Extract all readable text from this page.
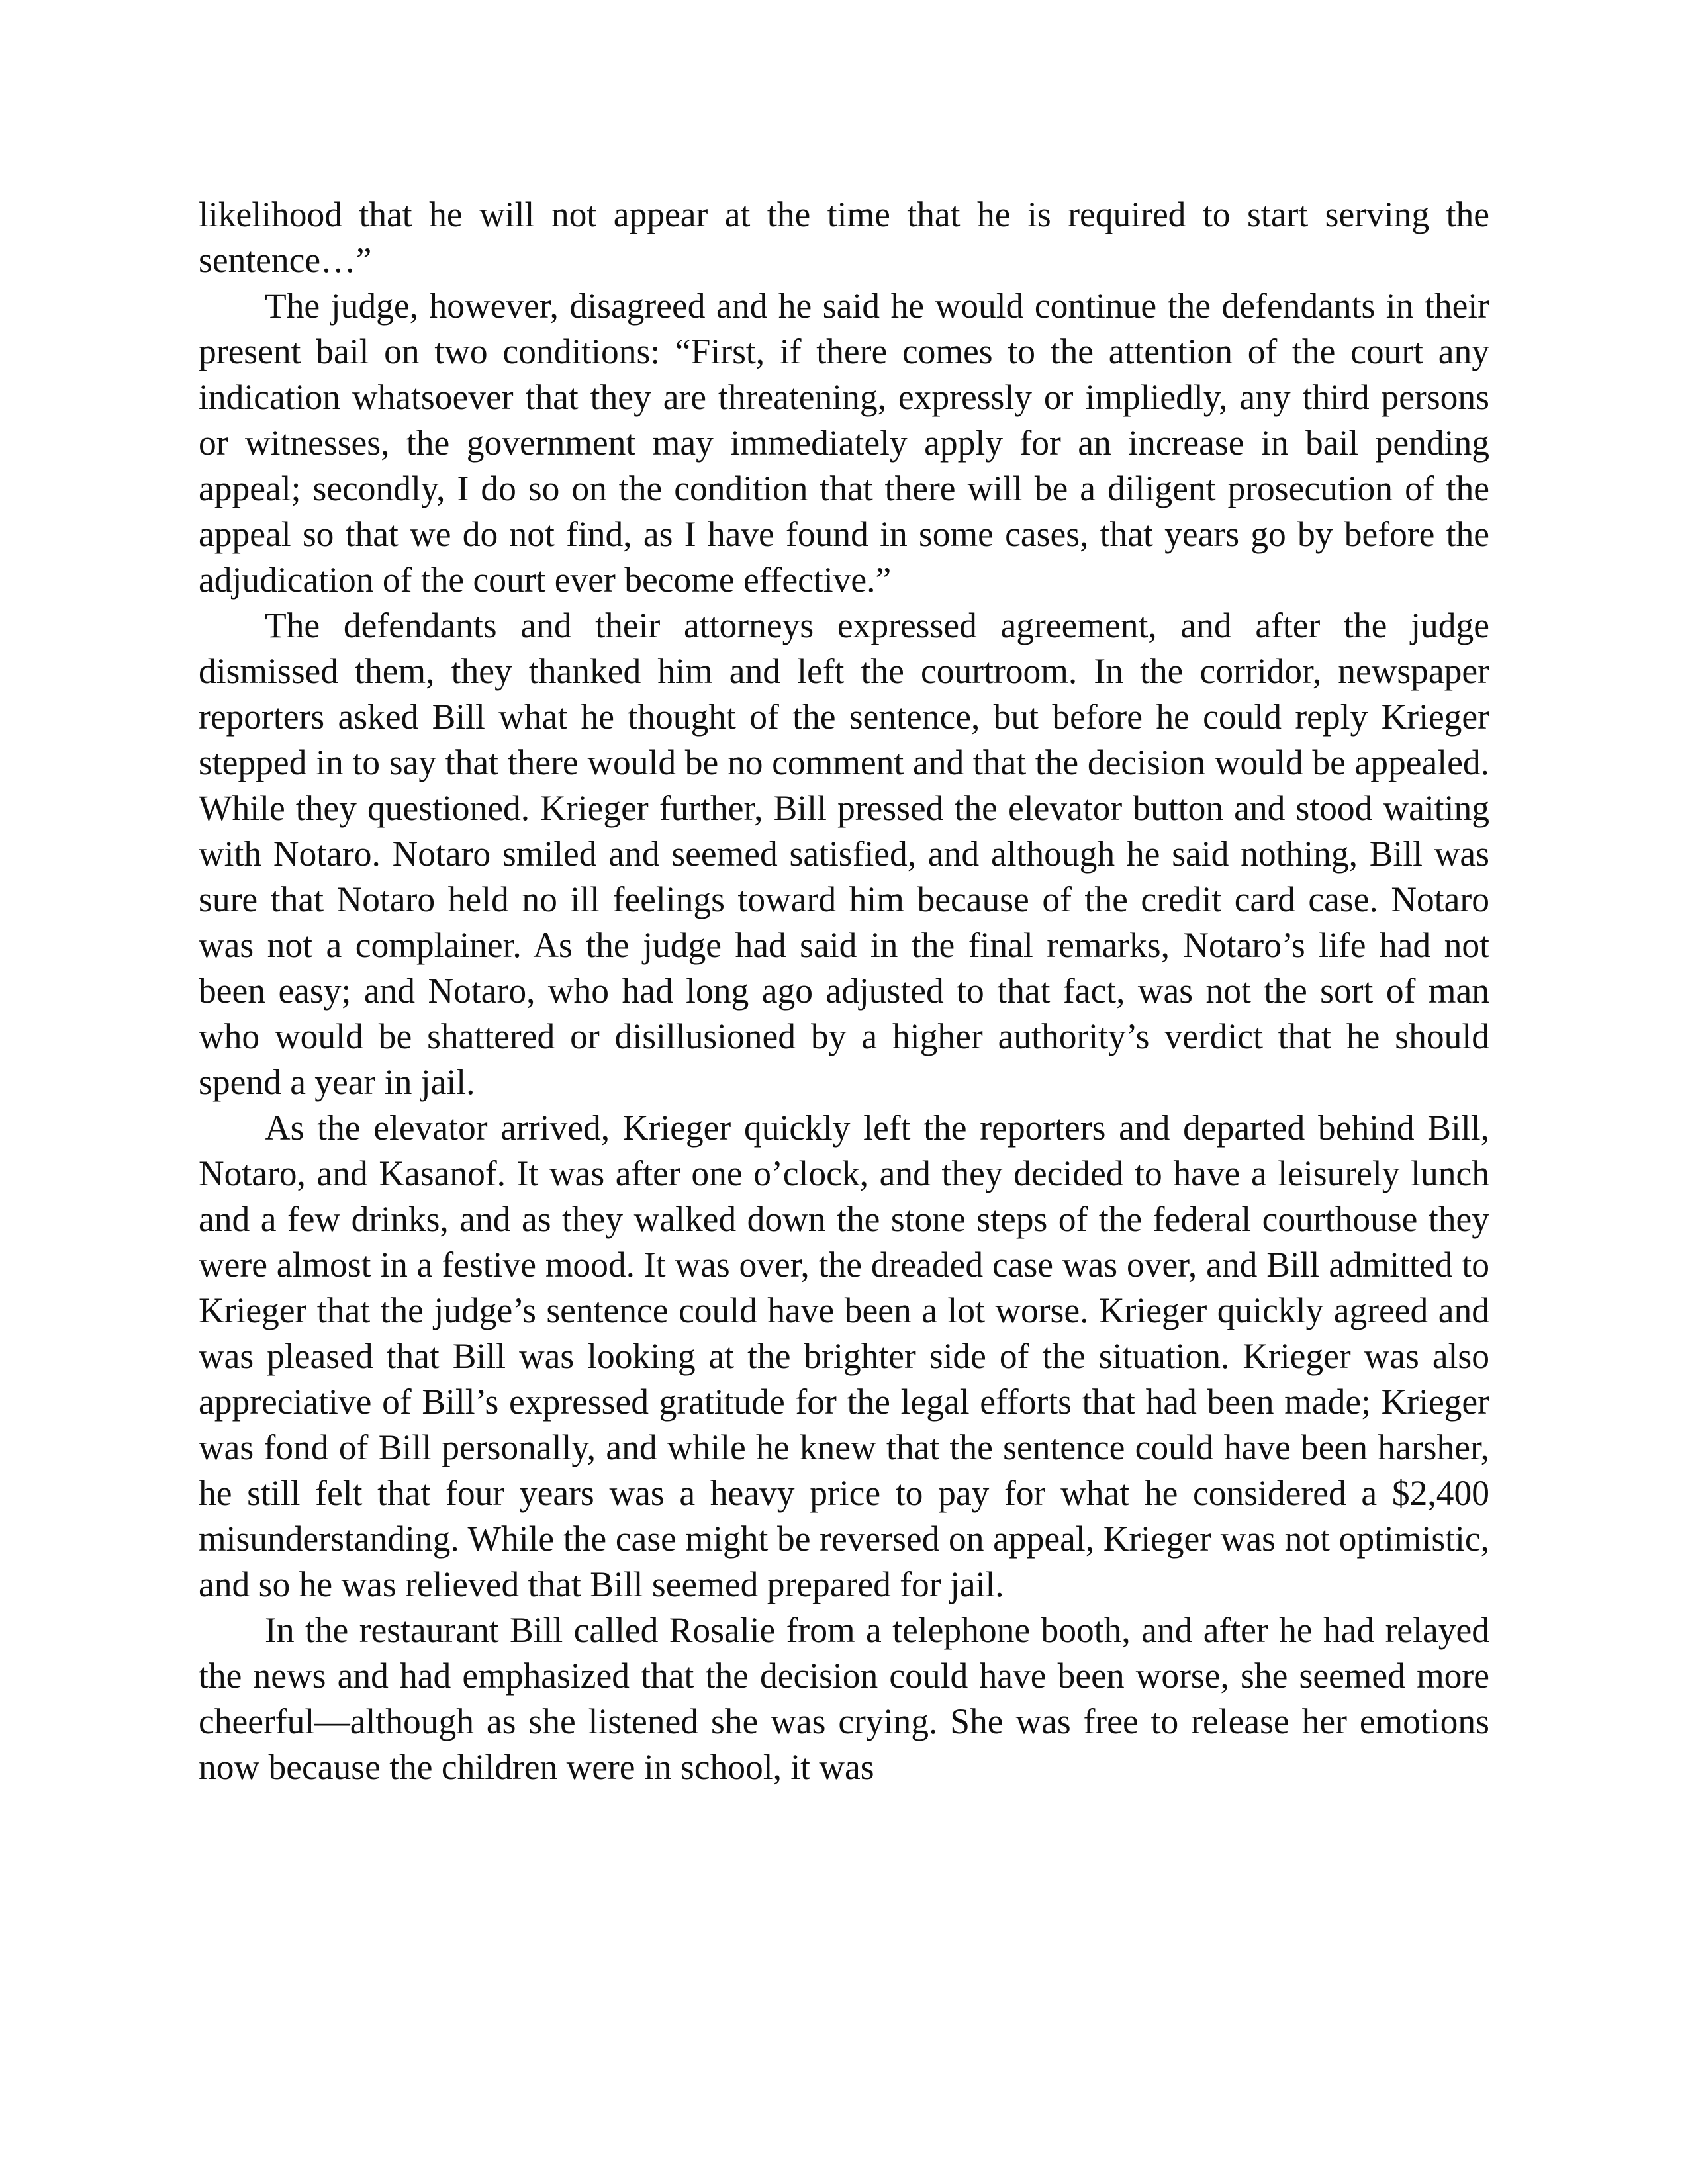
likelihood that he will not appear at the time that he is required to start serving the sentence…”

The judge, however, disagreed and he said he would continue the defendants in their present bail on two conditions: “First, if there comes to the attention of the court any indication whatsoever that they are threatening, expressly or impliedly, any third persons or witnesses, the government may immediately apply for an increase in bail pending appeal; secondly, I do so on the condition that there will be a diligent prosecution of the appeal so that we do not find, as I have found in some cases, that years go by before the adjudication of the court ever become effective.”

The defendants and their attorneys expressed agreement, and after the judge dismissed them, they thanked him and left the courtroom. In the corridor, newspaper reporters asked Bill what he thought of the sentence, but before he could reply Krieger stepped in to say that there would be no comment and that the decision would be appealed. While they questioned. Krieger further, Bill pressed the elevator button and stood waiting with Notaro. Notaro smiled and seemed satisfied, and although he said nothing, Bill was sure that Notaro held no ill feelings toward him because of the credit card case. Notaro was not a complainer. As the judge had said in the final remarks, Notaro’s life had not been easy; and Notaro, who had long ago adjusted to that fact, was not the sort of man who would be shattered or disillusioned by a higher authority’s verdict that he should spend a year in jail.

As the elevator arrived, Krieger quickly left the reporters and departed behind Bill, Notaro, and Kasanof. It was after one o’clock, and they decided to have a leisurely lunch and a few drinks, and as they walked down the stone steps of the federal courthouse they were almost in a festive mood. It was over, the dreaded case was over, and Bill admitted to Krieger that the judge’s sentence could have been a lot worse. Krieger quickly agreed and was pleased that Bill was looking at the brighter side of the situation. Krieger was also appreciative of Bill’s expressed gratitude for the legal efforts that had been made; Krieger was fond of Bill personally, and while he knew that the sentence could have been harsher, he still felt that four years was a heavy price to pay for what he considered a $2,400 misunderstanding. While the case might be reversed on appeal, Krieger was not optimistic, and so he was relieved that Bill seemed prepared for jail.

In the restaurant Bill called Rosalie from a telephone booth, and after he had relayed the news and had emphasized that the decision could have been worse, she seemed more cheerful—although as she listened she was crying. She was free to release her emotions now because the children were in school, it was
